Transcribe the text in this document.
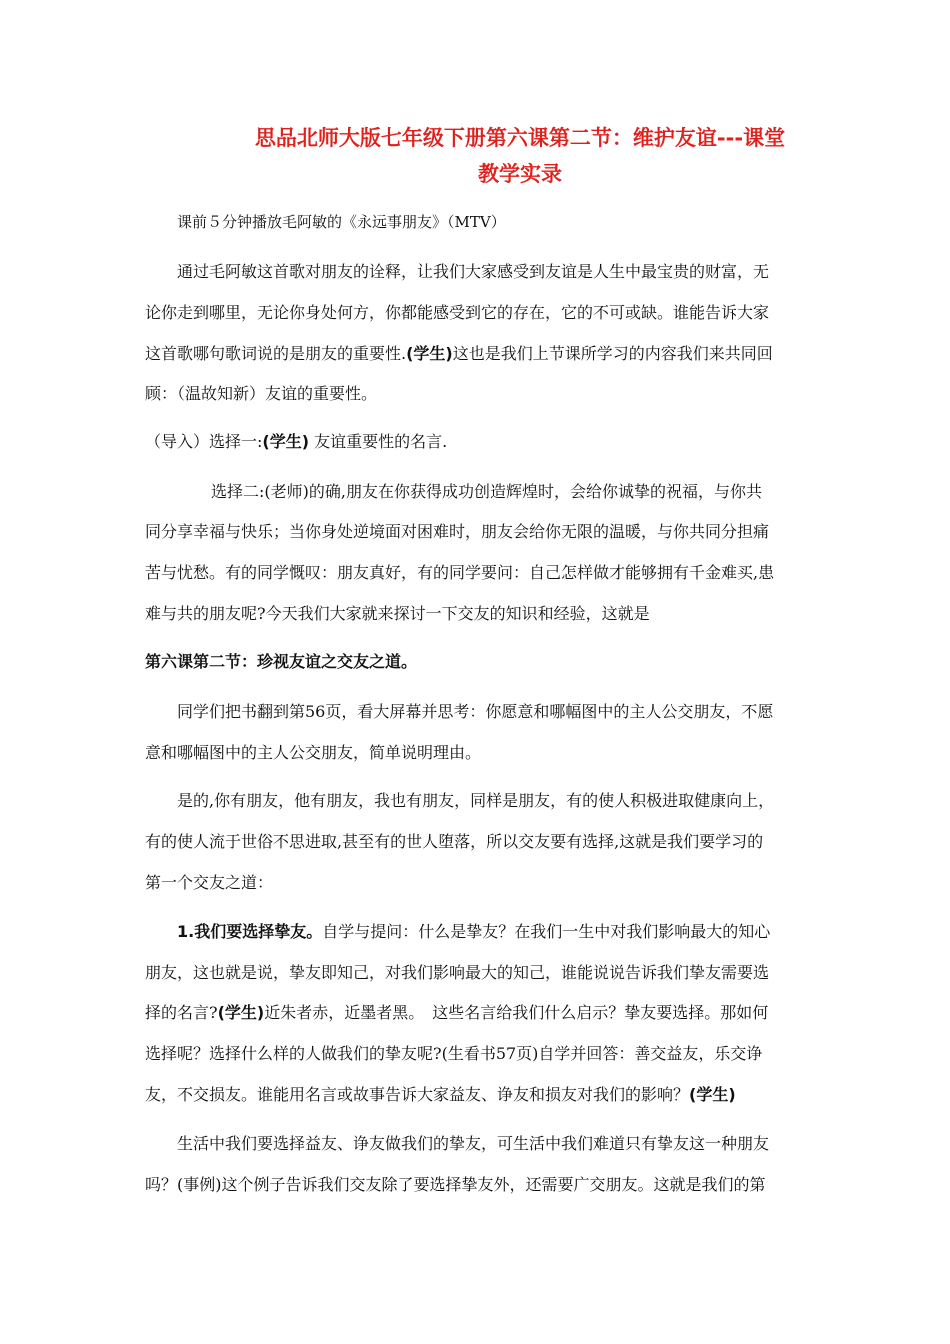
思品北师大版七年级下册第六课第二节：维护友谊---课堂
教学实录
课前５分钟播放毛阿敏的《永远事朋友》（MTV）
通过毛阿敏这首歌对朋友的诠释，让我们大家感受到友谊是人生中最宝贵的财富，无
论你走到哪里，无论你身处何方，你都能感受到它的存在，它的不可或缺。谁能告诉大家
这首歌哪句歌词说的是朋友的重要性.(学生)这也是我们上节课所学习的内容我们来共同回
顾：（温故知新）友谊的重要性。
（导入）选择一:(学生) 友谊重要性的名言.
选择二:(老师)的确,朋友在你获得成功创造辉煌时，会给你诚挚的祝福，与你共
同分享幸福与快乐；当你身处逆境面对困难时，朋友会给你无限的温暖，与你共同分担痛
苦与忧愁。有的同学慨叹：朋友真好，有的同学要问：自己怎样做才能够拥有千金难买,患
难与共的朋友呢?今天我们大家就来探讨一下交友的知识和经验，这就是
第六课第二节：珍视友谊之交友之道。
同学们把书翻到第56页，看大屏幕并思考：你愿意和哪幅图中的主人公交朋友，不愿
意和哪幅图中的主人公交朋友，简单说明理由。
是的,你有朋友，他有朋友，我也有朋友，同样是朋友，有的使人积极进取健康向上，
有的使人流于世俗不思进取,甚至有的世人堕落，所以交友要有选择,这就是我们要学习的
第一个交友之道：
1.我们要选择挚友。自学与提问：什么是挚友？在我们一生中对我们影响最大的知心
朋友，这也就是说，挚友即知己，对我们影响最大的知己，谁能说说告诉我们挚友需要选
择的名言?(学生)近朱者赤，近墨者黑。　这些名言给我们什么启示？挚友要选择。那如何
选择呢？选择什么样的人做我们的挚友呢?(生看书57页)自学并回答：善交益友，乐交诤
友，不交损友。谁能用名言或故事告诉大家益友、诤友和损友对我们的影响？(学生)
生活中我们要选择益友、诤友做我们的挚友，可生活中我们难道只有挚友这一种朋友
吗？(事例)这个例子告诉我们交友除了要选择挚友外，还需要广交朋友。这就是我们的第
